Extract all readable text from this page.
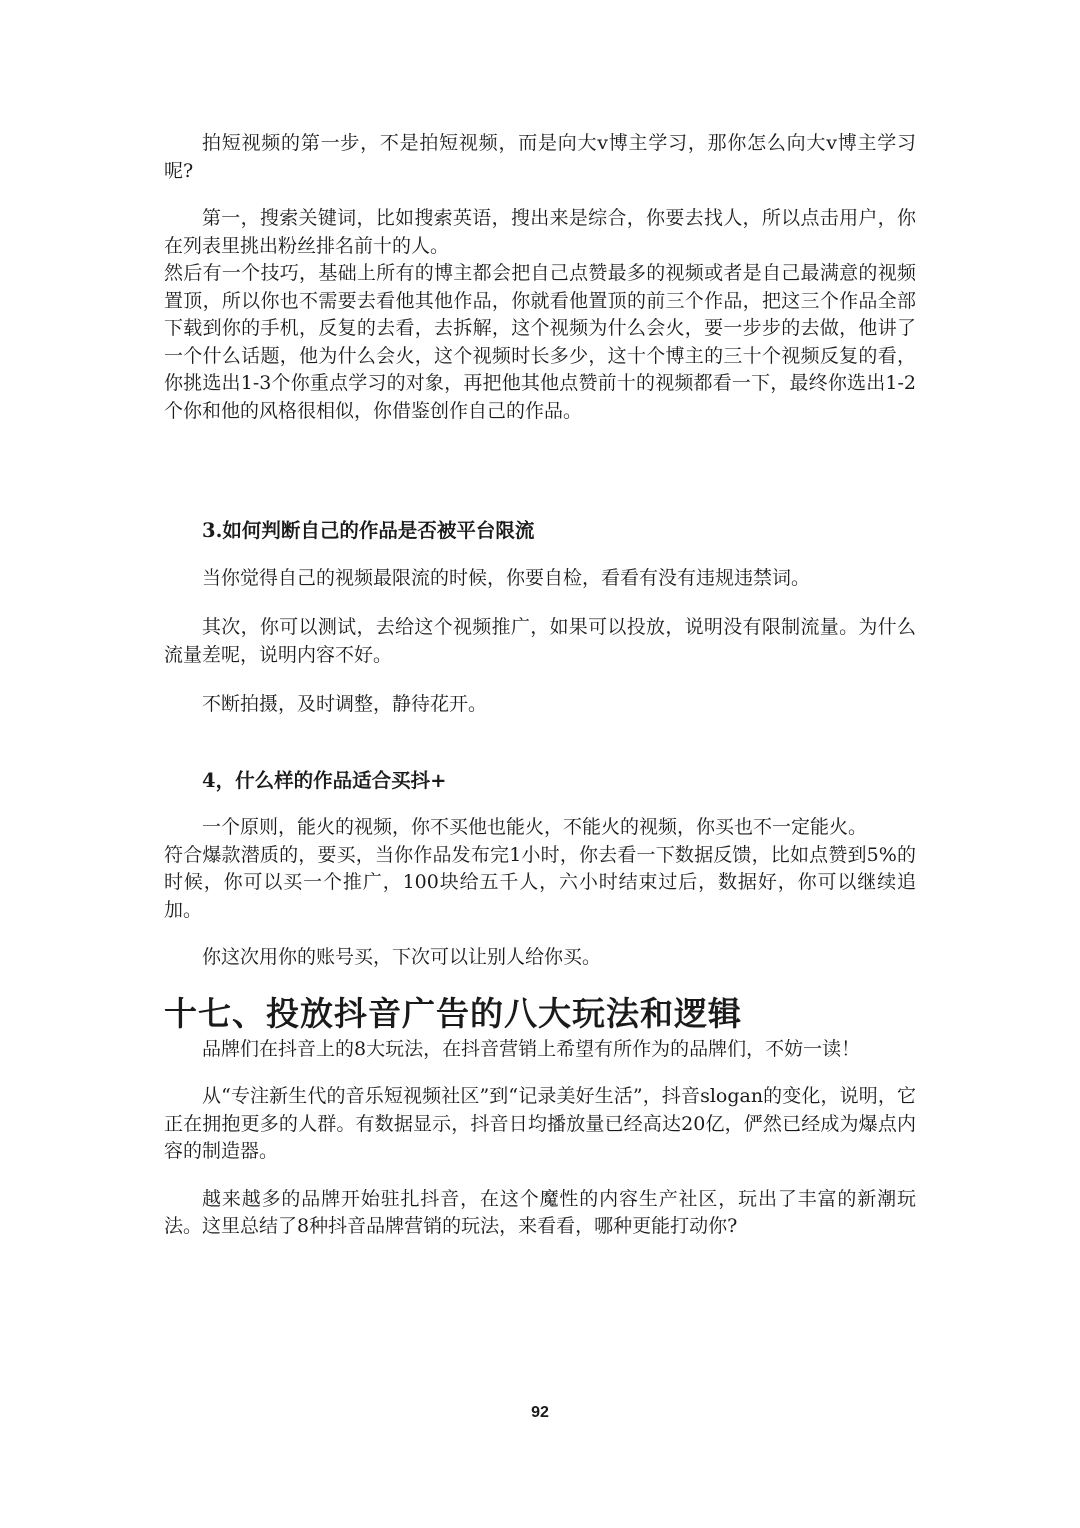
拍短视频的第一步，不是拍短视频，而是向大v博主学习，那你怎么向大v博主学习呢?

第一，搜索关键词，比如搜索英语，搜出来是综合，你要去找人，所以点击用户，你在列表里挑出粉丝排名前十的人。

然后有一个技巧，基础上所有的博主都会把自己点赞最多的视频或者是自己最满意的视频置顶，所以你也不需要去看他其他作品，你就看他置顶的前三个作品，把这三个作品全部下载到你的手机，反复的去看，去拆解，这个视频为什么会火，要一步步的去做，他讲了一个什么话题，他为什么会火，这个视频时长多少，这十个博主的三十个视频反复的看，你挑选出1-3个你重点学习的对象，再把他其他点赞前十的视频都看一下，最终你选出1-2个你和他的风格很相似，你借鉴创作自己的作品。

3.如何判断自己的作品是否被平台限流

当你觉得自己的视频最限流的时候，你要自检，看看有没有违规违禁词。

其次，你可以测试，去给这个视频推广，如果可以投放，说明没有限制流量。为什么流量差呢，说明内容不好。

不断拍摄，及时调整，静待花开。

4，什么样的作品适合买抖+

一个原则，能火的视频，你不买他也能火，不能火的视频，你买也不一定能火。

符合爆款潜质的，要买，当你作品发布完1小时，你去看一下数据反馈，比如点赞到5%的时候，你可以买一个推广，100块给五千人，六小时结束过后，数据好，你可以继续追加。

你这次用你的账号买，下次可以让别人给你买。

十七、投放抖音广告的八大玩法和逻辑

品牌们在抖音上的8大玩法，在抖音营销上希望有所作为的品牌们，不妨一读！

从“专注新生代的音乐短视频社区”到“记录美好生活”，抖音slogan的变化，说明，它正在拥抱更多的人群。有数据显示，抖音日均播放量已经高达20亿，俨然已经成为爆点内容的制造器。

越来越多的品牌开始驻扎抖音，在这个魔性的内容生产社区，玩出了丰富的新潮玩法。这里总结了8种抖音品牌营销的玩法，来看看，哪种更能打动你?

92
